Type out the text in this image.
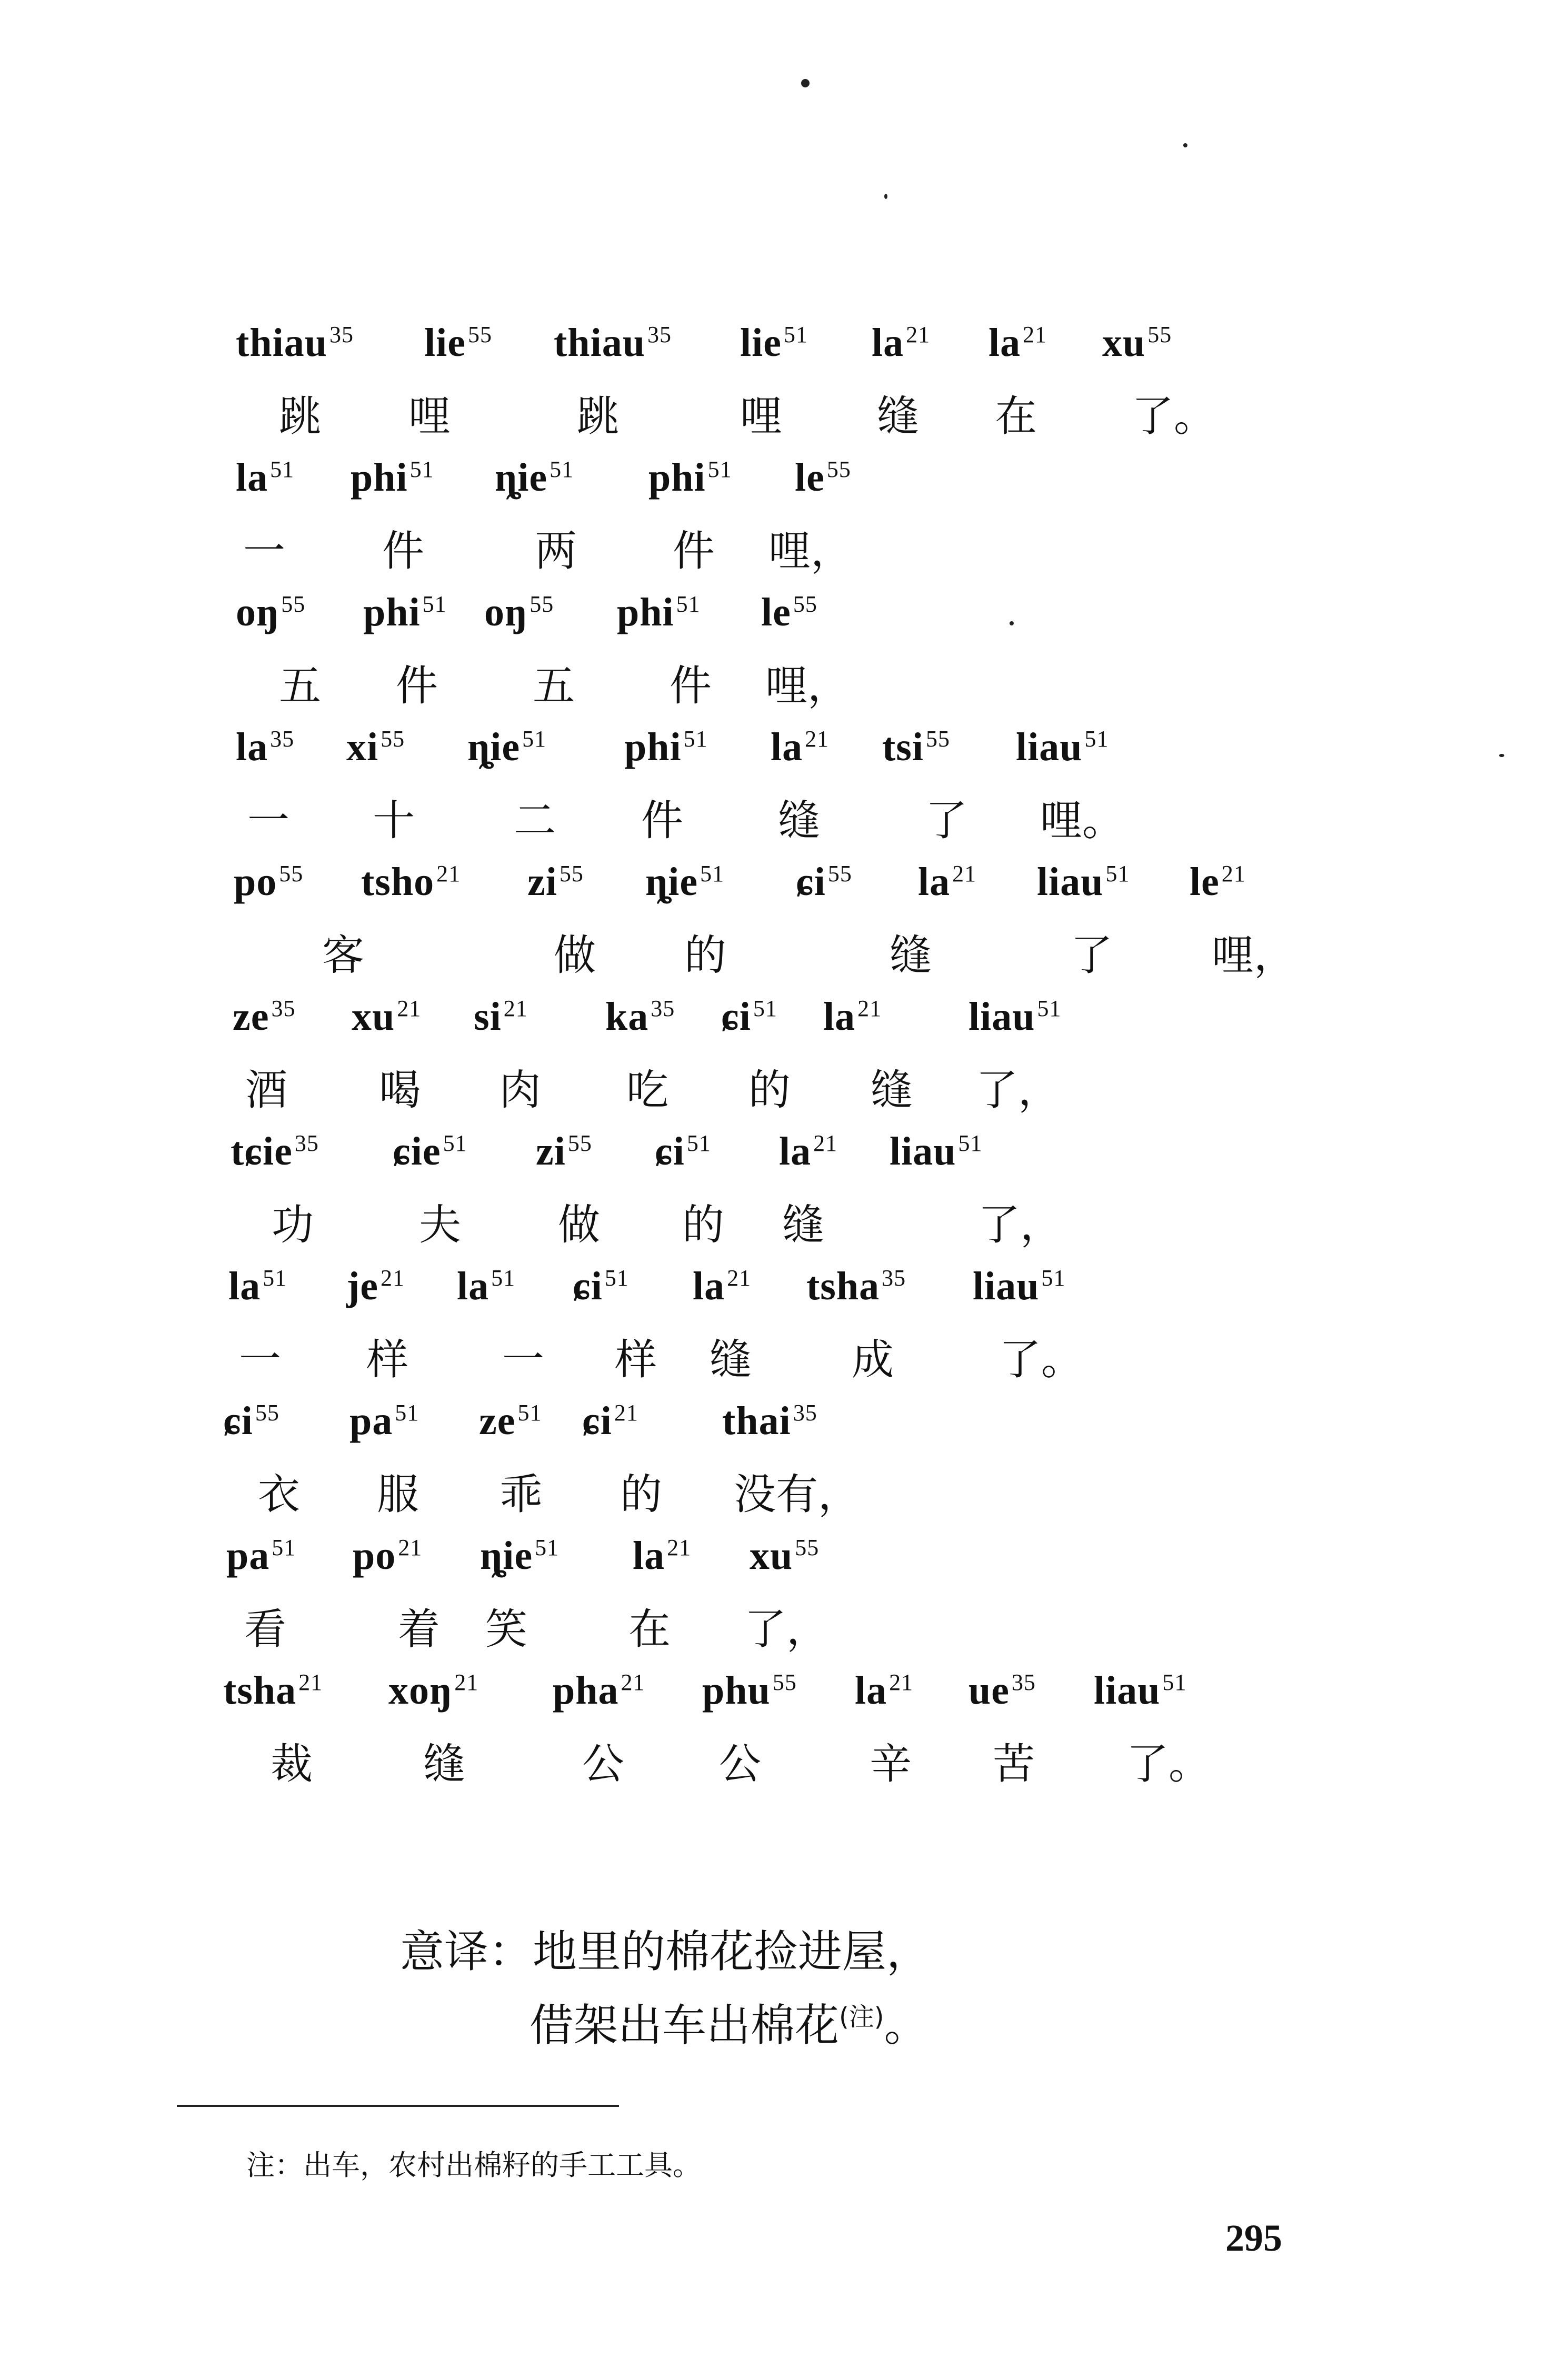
thiau$^{35}$ lie$^{55}$ thiau$^{35}$ lie$^{51}$ $la^{21}$ $la^{21}$ $xu^{55}$
跳 哩	跳	哩 缝 在 了。
$la^{51}$ phi$^{51}$ ȵie$^{51}$ phi$^{51}$ $le^{55}$
一 件	两 件 哩，
$oŋ^{55}$ phi$^{51}$ $oŋ^{55}$ phi$^{51}$ $le^{55}$
五 件 五 件 哩，
$la^{35}$ $xi^{55}$ ȵie$^{51}$ phi$^{51}$ $la^{21}$ tsi$^{55}$ liau$^{51}$
一 十 二 件 缝	了 哩。
$po^{55}$ tsho$^{21}$ $zi^{55}$ ȵie$^{51}$ ɕi$^{55}$ $la^{21}$ liau$^{51}$ $le^{21}$
客	做 的	缝	了 哩，
$ze^{35}$ $xu^{21}$ $si^{21}$ $ka^{35}$ ɕi$^{51}$ $la^{21}$ liau$^{51}$
酒 喝 肉 吃 的 缝 了，
tɕie$^{35}$ ɕie$^{51}$ $zi^{55}$ ɕi$^{51}$ $la^{21}$ liau$^{51}$
功	夫 做 的 缝	了，
$la^{51}$ $je^{21}$ $la^{51}$ ɕi$^{51}$ $la^{21}$ tsha$^{35}$ liau$^{51}$
一 样 一 样 缝 成	了。
ɕi$^{55}$ $pa^{51}$ $ze^{51}$ ɕi$^{21}$ thai$^{35}$
衣 服 乖 的 没有，
$pa^{51}$ $po^{21}$ ȵie$^{51}$ $la^{21}$ $xu^{55}$
看	着 笑 在 了，
tsha$^{21}$ xoŋ$^{21}$ pha$^{21}$ phu$^{55}$ $la^{21}$ $ue^{35}$ liau$^{51}$
裁	缝	公 公	辛 苦 了。
意译：地里的棉花捡进屋，
借架出车出棉花$^{(注)}$。
注：出车，农村出棉籽的手工工具。
295
